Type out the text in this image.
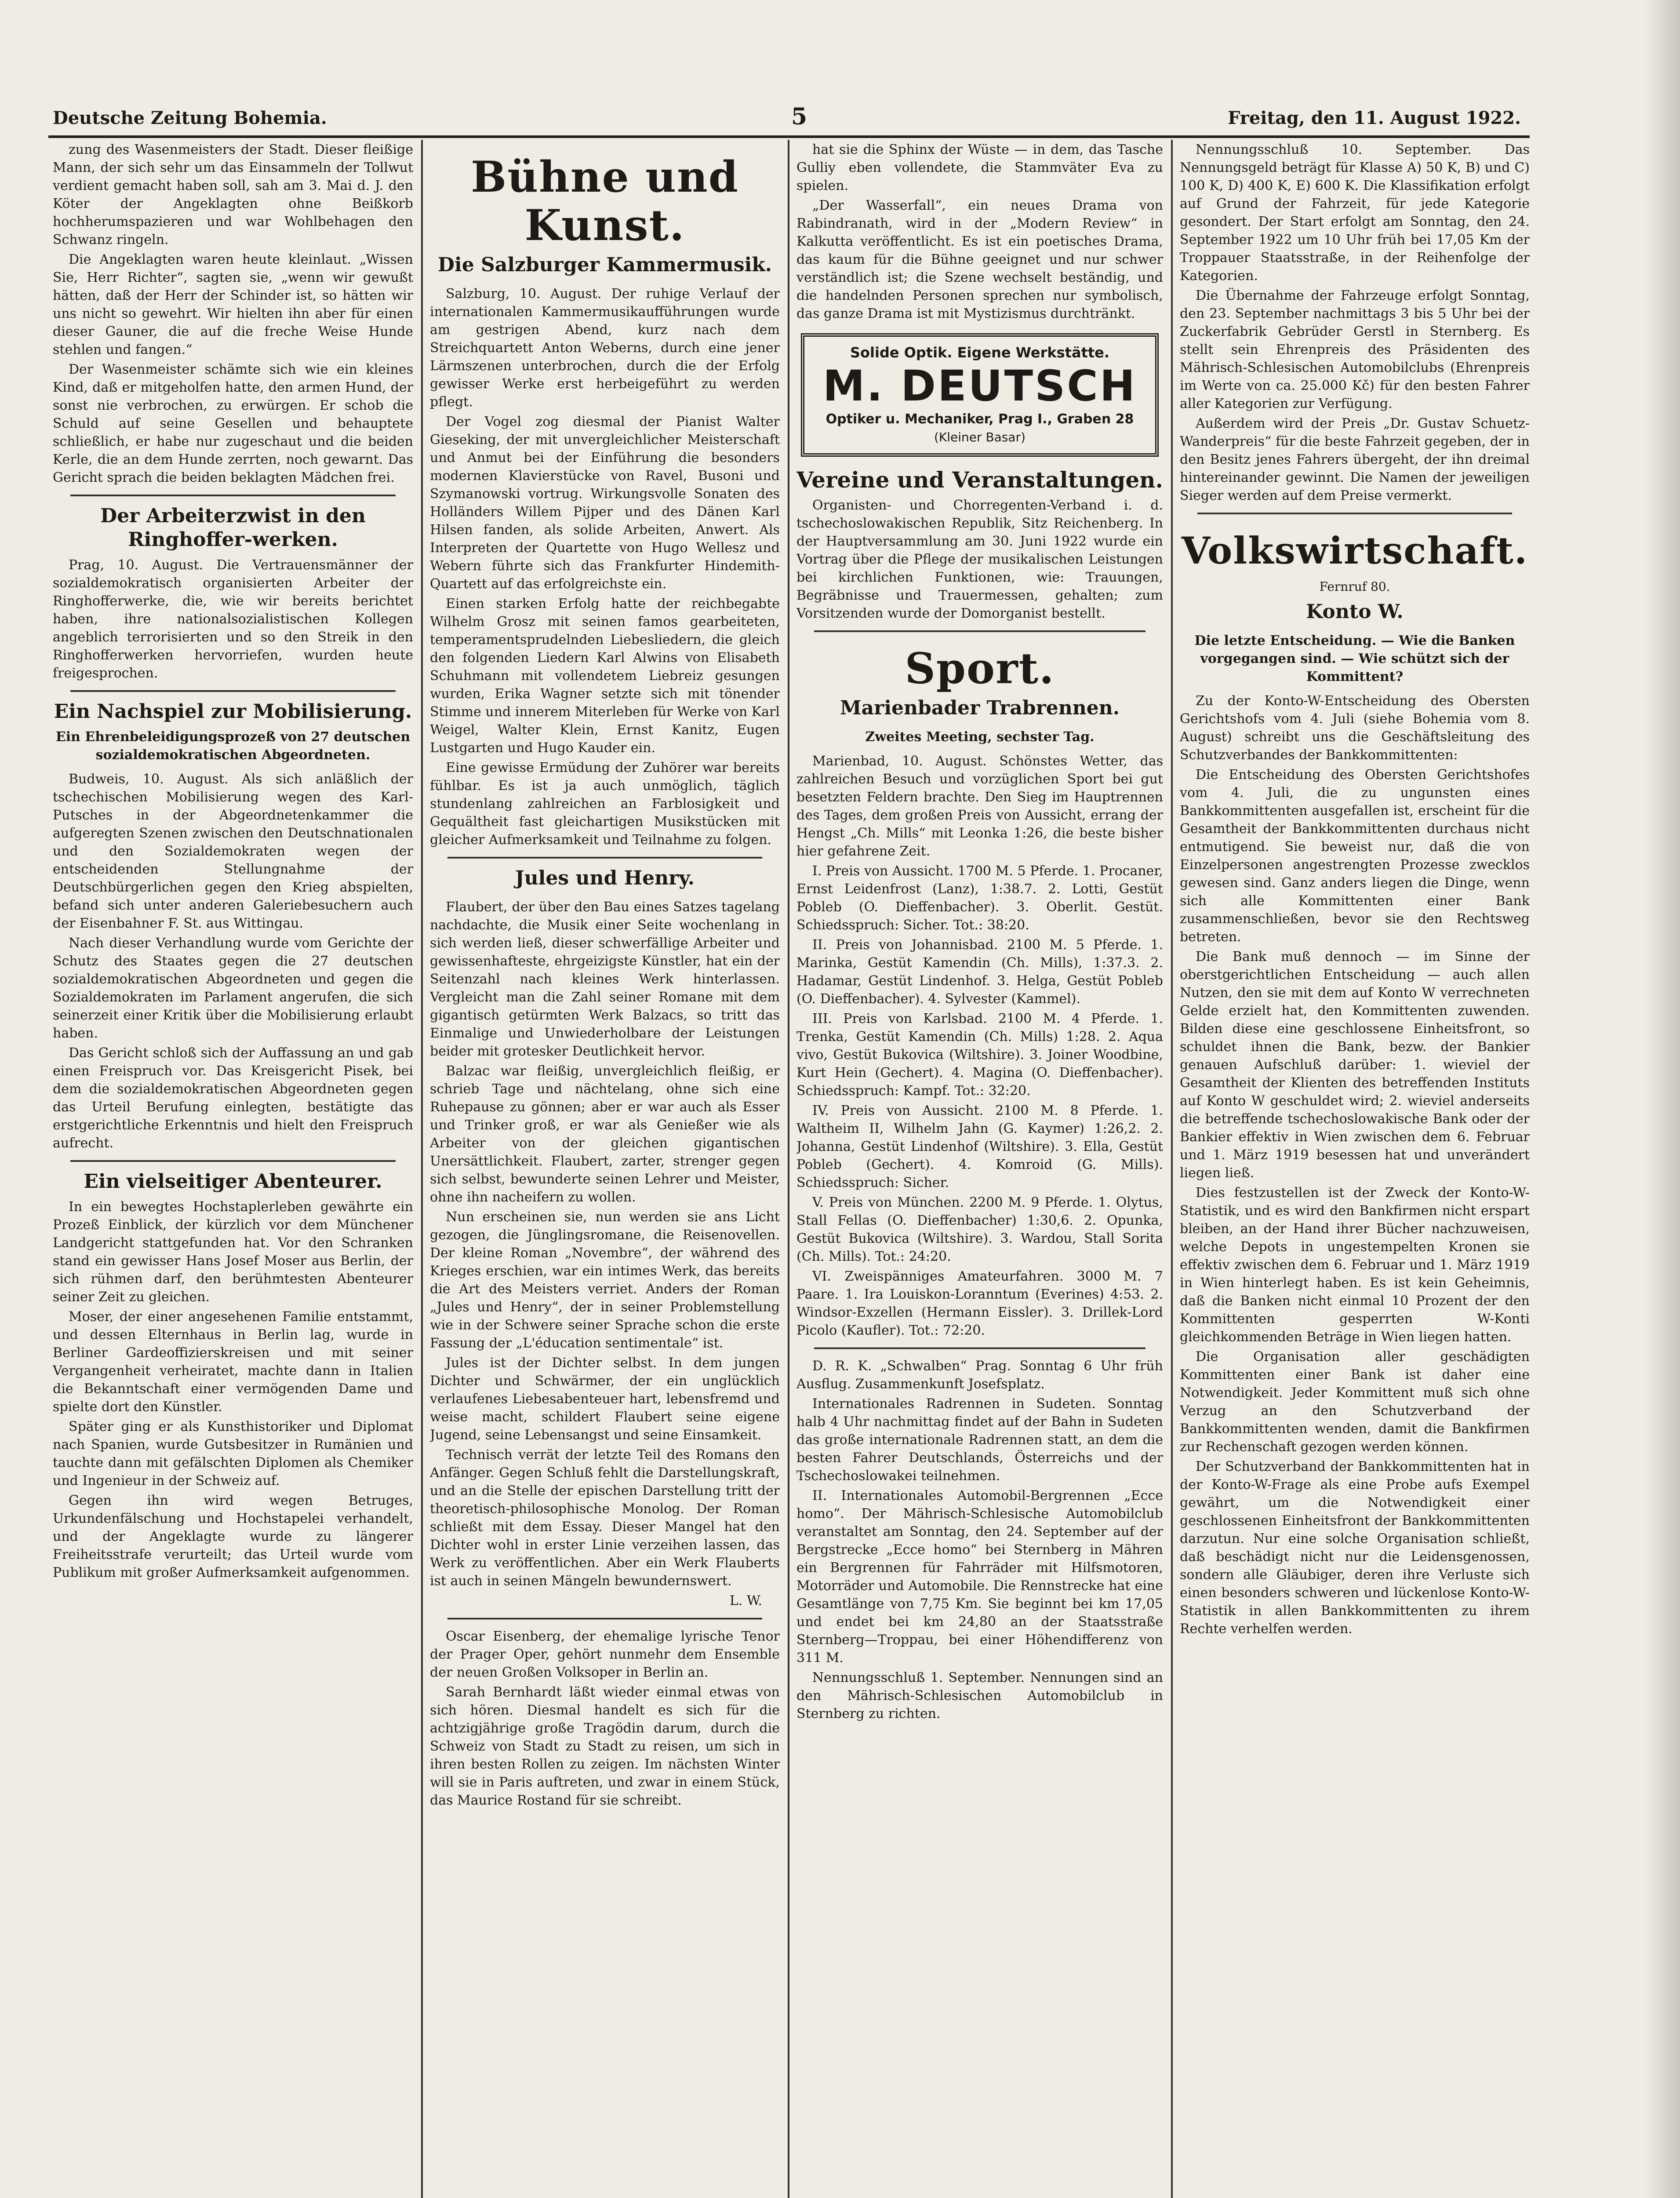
Deutsche Zeitung Bohemia.	5	Freitag, den 11. August 1922.

zung des Wasenmeisters der Stadt. Dieser fleißige Mann, der sich sehr um das Einsammeln der Tollwut verdient gemacht haben soll, sah am 3. Mai d. J. den Köter der Angeklagten ohne Beißkorb hochherumspazieren und war Wohlbehagen den Schwanz ringeln.

Die Angeklagten waren heute kleinlaut. „Wissen Sie, Herr Richter“, sagten sie, „wenn wir gewußt hätten, daß der Herr der Schinder ist, so hätten wir uns nicht so gewehrt. Wir hielten ihn aber für einen dieser Gauner, die auf die freche Weise Hunde stehlen und fangen.“

Der Wasenmeister schämte sich wie ein kleines Kind, daß er mitgeholfen hatte, den armen Hund, der sonst nie verbrochen, zu erwürgen. Er schob die Schuld auf seine Gesellen und behauptete schließlich, er habe nur zugeschaut und die beiden Kerle, die an dem Hunde zerrten, noch gewarnt. Das Gericht sprach die beiden beklagten Mädchen frei.

Der Arbeiterzwist in den Ringhoffer-werken.

Prag, 10. August. Die Vertrauensmänner der sozialdemokratisch organisierten Arbeiter der Ringhofferwerke, die, wie wir bereits berichtet haben, ihre nationalsozialistischen Kollegen angeblich terrorisierten und so den Streik in den Ringhofferwerken hervorriefen, wurden heute freigesprochen.

Ein Nachspiel zur Mobilisierung.
Ein Ehrenbeleidigungsprozeß von 27 deutschen sozialdemokratischen Abgeordneten.

Budweis, 10. August. Als sich anläßlich der tschechischen Mobilisierung wegen des Karl-Putsches in der Abgeordnetenkammer die aufgeregten Szenen zwischen den Deutschnationalen und den Sozialdemokraten wegen der entscheidenden Stellungnahme der Deutschbürgerlichen gegen den Krieg abspielten, befand sich unter anderen Galeriebesuchern auch der Eisenbahner F. St. aus Wittingau.

Nach dieser Verhandlung wurde vom Gerichte der Schutz des Staates gegen die 27 deutschen sozialdemokratischen Abgeordneten und gegen die Sozialdemokraten im Parlament angerufen, die sich seinerzeit einer Kritik über die Mobilisierung erlaubt haben.

Das Gericht schloß sich der Auffassung an und gab einen Freispruch vor. Das Kreisgericht Pisek, bei dem die sozialdemokratischen Abgeordneten gegen das Urteil Berufung einlegten, bestätigte das erstgerichtliche Erkenntnis und hielt den Freispruch aufrecht.

Ein vielseitiger Abenteurer.

In ein bewegtes Hochstaplerleben gewährte ein Prozeß Einblick, der kürzlich vor dem Münchener Landgericht stattgefunden hat. Vor den Schranken stand ein gewisser Hans Josef Moser aus Berlin, der sich rühmen darf, den berühmtesten Abenteurer seiner Zeit zu gleichen.

Moser, der einer angesehenen Familie entstammt, und dessen Elternhaus in Berlin lag, wurde in Berliner Gardeoffizierskreisen und mit seiner Vergangenheit verheiratet, machte dann in Italien die Bekanntschaft einer vermögenden Dame und spielte dort den Künstler.

Später ging er als Kunsthistoriker und Diplomat nach Spanien, wurde Gutsbesitzer in Rumänien und tauchte dann mit gefälschten Diplomen als Chemiker und Ingenieur in der Schweiz auf.

Gegen ihn wird wegen Betruges, Urkundenfälschung und Hochstapelei verhandelt, und der Angeklagte wurde zu längerer Freiheitsstrafe verurteilt; das Urteil wurde vom Publikum mit großer Aufmerksamkeit aufgenommen.

Bühne und Kunst.
Die Salzburger Kammermusik.

Salzburg, 10. August. Der ruhige Verlauf der internationalen Kammermusikaufführungen wurde am gestrigen Abend, kurz nach dem Streichquartett Anton Weberns, durch eine jener Lärmszenen unterbrochen, durch die der Erfolg gewisser Werke erst herbeigeführt zu werden pflegt.

Der Vogel zog diesmal der Pianist Walter Gieseking, der mit unvergleichlicher Meisterschaft und Anmut bei der Einführung die besonders modernen Klavierstücke von Ravel, Busoni und Szymanowski vortrug. Wirkungsvolle Sonaten des Holländers Willem Pijper und des Dänen Karl Hilsen fanden, als solide Arbeiten, Anwert. Als Interpreten der Quartette von Hugo Wellesz und Webern führte sich das Frankfurter Hindemith-Quartett auf das erfolgreichste ein.

Einen starken Erfolg hatte der reichbegabte Wilhelm Grosz mit seinen famos gearbeiteten, temperamentsprudelnden Liebesliedern, die gleich den folgenden Liedern Karl Alwins von Elisabeth Schuhmann mit vollendetem Liebreiz gesungen wurden, Erika Wagner setzte sich mit tönender Stimme und innerem Miterleben für Werke von Karl Weigel, Walter Klein, Ernst Kanitz, Eugen Lustgarten und Hugo Kauder ein.

Eine gewisse Ermüdung der Zuhörer war bereits fühlbar. Es ist ja auch unmöglich, täglich stundenlang zahlreichen an Farblosigkeit und Gequältheit fast gleichartigen Musikstücken mit gleicher Aufmerksamkeit und Teilnahme zu folgen.

Jules und Henry.

Flaubert, der über den Bau eines Satzes tagelang nachdachte, die Musik einer Seite wochenlang in sich werden ließ, dieser schwerfällige Arbeiter und gewissenhafteste, ehrgeizigste Künstler, hat ein der Seitenzahl nach kleines Werk hinterlassen. Vergleicht man die Zahl seiner Romane mit dem gigantisch getürmten Werk Balzacs, so tritt das Einmalige und Unwiederholbare der Leistungen beider mit grotesker Deutlichkeit hervor.

Balzac war fleißig, unvergleichlich fleißig, er schrieb Tage und nächtelang, ohne sich eine Ruhepause zu gönnen; aber er war auch als Esser und Trinker groß, er war als Genießer wie als Arbeiter von der gleichen gigantischen Unersättlichkeit. Flaubert, zarter, strenger gegen sich selbst, bewunderte seinen Lehrer und Meister, ohne ihn nacheifern zu wollen.

Nun erscheinen sie, nun werden sie ans Licht gezogen, die Jünglingsromane, die Reisenovellen. Der kleine Roman „Novembre“, der während des Krieges erschien, war ein intimes Werk, das bereits die Art des Meisters verriet. Anders der Roman „Jules und Henry“, der in seiner Problemstellung wie in der Schwere seiner Sprache schon die erste Fassung der „L'éducation sentimentale“ ist.

Jules ist der Dichter selbst. In dem jungen Dichter und Schwärmer, der ein unglücklich verlaufenes Liebesabenteuer hart, lebensfremd und weise macht, schildert Flaubert seine eigene Jugend, seine Lebensangst und seine Einsamkeit.

Technisch verrät der letzte Teil des Romans den Anfänger. Gegen Schluß fehlt die Darstellungskraft, und an die Stelle der epischen Darstellung tritt der theoretisch-philosophische Monolog. Der Roman schließt mit dem Essay. Dieser Mangel hat den Dichter wohl in erster Linie verzeihen lassen, das Werk zu veröffentlichen. Aber ein Werk Flauberts ist auch in seinen Mängeln bewundernswert.

L. W.

Oscar Eisenberg, der ehemalige lyrische Tenor der Prager Oper, gehört nunmehr dem Ensemble der neuen Großen Volksoper in Berlin an.

Sarah Bernhardt läßt wieder einmal etwas von sich hören. Diesmal handelt es sich für die achtzigjährige große Tragödin darum, durch die Schweiz von Stadt zu Stadt zu reisen, um sich in ihren besten Rollen zu zeigen. Im nächsten Winter will sie in Paris auftreten, und zwar in einem Stück, das Maurice Rostand für sie schreibt.

hat sie die Sphinx der Wüste — in dem, das Tasche Gulliy eben vollendete, die Stammväter Eva zu spielen.

„Der Wasserfall“, ein neues Drama von Rabindranath, wird in der „Modern Review“ in Kalkutta veröffentlicht. Es ist ein poetisches Drama, das kaum für die Bühne geeignet und nur schwer verständlich ist; die Szene wechselt beständig, und die handelnden Personen sprechen nur symbolisch, das ganze Drama ist mit Mystizismus durchtränkt.

Solide Optik. Eigene Werkstätte.
M. DEUTSCH
Optiker u. Mechaniker, Prag I., Graben 28
(Kleiner Basar)
Vereine und Veranstaltungen.

Organisten- und Chorregenten-Verband i. d. tschechoslowakischen Republik, Sitz Reichenberg. In der Hauptversammlung am 30. Juni 1922 wurde ein Vortrag über die Pflege der musikalischen Leistungen bei kirchlichen Funktionen, wie: Trauungen, Begräbnisse und Trauermessen, gehalten; zum Vorsitzenden wurde der Domorganist bestellt.

Sport.
Marienbader Trabrennen.
Zweites Meeting, sechster Tag.

Marienbad, 10. August. Schönstes Wetter, das zahlreichen Besuch und vorzüglichen Sport bei gut besetzten Feldern brachte. Den Sieg im Hauptrennen des Tages, dem großen Preis von Aussicht, errang der Hengst „Ch. Mills“ mit Leonka 1:26, die beste bisher hier gefahrene Zeit.

I. Preis von Aussicht. 1700 M. 5 Pferde. 1. Procaner, Ernst Leidenfrost (Lanz), 1:38.7. 2. Lotti, Gestüt Pobleb (O. Dieffenbacher). 3. Oberlit. Gestüt. Schiedsspruch: Sicher. Tot.: 38:20.

II. Preis von Johannisbad. 2100 M. 5 Pferde. 1. Marinka, Gestüt Kamendin (Ch. Mills), 1:37.3. 2. Hadamar, Gestüt Lindenhof. 3. Helga, Gestüt Pobleb (O. Dieffenbacher). 4. Sylvester (Kammel).

III. Preis von Karlsbad. 2100 M. 4 Pferde. 1. Trenka, Gestüt Kamendin (Ch. Mills) 1:28. 2. Aqua vivo, Gestüt Bukovica (Wiltshire). 3. Joiner Woodbine, Kurt Hein (Gechert). 4. Magina (O. Dieffenbacher). Schiedsspruch: Kampf. Tot.: 32:20.

IV. Preis von Aussicht. 2100 M. 8 Pferde. 1. Waltheim II, Wilhelm Jahn (G. Kaymer) 1:26,2. 2. Johanna, Gestüt Lindenhof (Wiltshire). 3. Ella, Gestüt Pobleb (Gechert). 4. Komroid (G. Mills). Schiedsspruch: Sicher.

V. Preis von München. 2200 M. 9 Pferde. 1. Olytus, Stall Fellas (O. Dieffenbacher) 1:30,6. 2. Opunka, Gestüt Bukovica (Wiltshire). 3. Wardou, Stall Sorita (Ch. Mills). Tot.: 24:20.

VI. Zweispänniges Amateurfahren. 3000 M. 7 Paare. 1. Ira Louiskon-Loranntum (Everines) 4:53. 2. Windsor-Exzellen (Hermann Eissler). 3. Drillek-Lord Picolo (Kaufler). Tot.: 72:20.

D. R. K. „Schwalben“ Prag. Sonntag 6 Uhr früh Ausflug. Zusammenkunft Josefsplatz.

Internationales Radrennen in Sudeten. Sonntag halb 4 Uhr nachmittag findet auf der Bahn in Sudeten das große internationale Radrennen statt, an dem die besten Fahrer Deutschlands, Österreichs und der Tschechoslowakei teilnehmen.

II. Internationales Automobil-Bergrennen „Ecce homo“. Der Mährisch-Schlesische Automobilclub veranstaltet am Sonntag, den 24. September auf der Bergstrecke „Ecce homo“ bei Sternberg in Mähren ein Bergrennen für Fahrräder mit Hilfsmotoren, Motorräder und Automobile. Die Rennstrecke hat eine Gesamtlänge von 7,75 Km. Sie beginnt bei km 17,05 und endet bei km 24,80 an der Staatsstraße Sternberg—Troppau, bei einer Höhendifferenz von 311 M.

Nennungsschluß 1. September. Nennungen sind an den Mährisch-Schlesischen Automobilclub in Sternberg zu richten.

Nennungsschluß 10. September. Das Nennungsgeld beträgt für Klasse A) 50 K, B) und C) 100 K, D) 400 K, E) 600 K. Die Klassifikation erfolgt auf Grund der Fahrzeit, für jede Kategorie gesondert. Der Start erfolgt am Sonntag, den 24. September 1922 um 10 Uhr früh bei 17,05 Km der Troppauer Staatsstraße, in der Reihenfolge der Kategorien.

Die Übernahme der Fahrzeuge erfolgt Sonntag, den 23. September nachmittags 3 bis 5 Uhr bei der Zuckerfabrik Gebrüder Gerstl in Sternberg. Es stellt sein Ehrenpreis des Präsidenten des Mährisch-Schlesischen Automobilclubs (Ehrenpreis im Werte von ca. 25.000 Kč) für den besten Fahrer aller Kategorien zur Verfügung.

Außerdem wird der Preis „Dr. Gustav Schuetz-Wanderpreis“ für die beste Fahrzeit gegeben, der in den Besitz jenes Fahrers übergeht, der ihn dreimal hintereinander gewinnt. Die Namen der jeweiligen Sieger werden auf dem Preise vermerkt.

Volkswirtschaft.
Fernruf 80.
Konto W.
Die letzte Entscheidung. — Wie die Banken vorgegangen sind. — Wie schützt sich der Kommittent?

Zu der Konto-W-Entscheidung des Obersten Gerichtshofs vom 4. Juli (siehe Bohemia vom 8. August) schreibt uns die Geschäftsleitung des Schutzverbandes der Bankkommittenten:

Die Entscheidung des Obersten Gerichtshofes vom 4. Juli, die zu ungunsten eines Bankkommittenten ausgefallen ist, erscheint für die Gesamtheit der Bankkommittenten durchaus nicht entmutigend. Sie beweist nur, daß die von Einzelpersonen angestrengten Prozesse zwecklos gewesen sind. Ganz anders liegen die Dinge, wenn sich alle Kommittenten einer Bank zusammenschließen, bevor sie den Rechtsweg betreten.

Die Bank muß dennoch — im Sinne der oberstgerichtlichen Entscheidung — auch allen Nutzen, den sie mit dem auf Konto W verrechneten Gelde erzielt hat, den Kommittenten zuwenden. Bilden diese eine geschlossene Einheitsfront, so schuldet ihnen die Bank, bezw. der Bankier genauen Aufschluß darüber: 1. wieviel der Gesamtheit der Klienten des betreffenden Instituts auf Konto W geschuldet wird; 2. wieviel anderseits die betreffende tschechoslowakische Bank oder der Bankier effektiv in Wien zwischen dem 6. Februar und 1. März 1919 besessen hat und unverändert liegen ließ.

Dies festzustellen ist der Zweck der Konto-W-Statistik, und es wird den Bankfirmen nicht erspart bleiben, an der Hand ihrer Bücher nachzuweisen, welche Depots in ungestempelten Kronen sie effektiv zwischen dem 6. Februar und 1. März 1919 in Wien hinterlegt haben. Es ist kein Geheimnis, daß die Banken nicht einmal 10 Prozent der den Kommittenten gesperrten W-Konti gleichkommenden Beträge in Wien liegen hatten.

Die Organisation aller geschädigten Kommittenten einer Bank ist daher eine Notwendigkeit. Jeder Kommittent muß sich ohne Verzug an den Schutzverband der Bankkommittenten wenden, damit die Bankfirmen zur Rechenschaft gezogen werden können.

Der Schutzverband der Bankkommittenten hat in der Konto-W-Frage als eine Probe aufs Exempel gewährt, um die Notwendigkeit einer geschlossenen Einheitsfront der Bankkommittenten darzutun. Nur eine solche Organisation schließt, daß beschädigt nicht nur die Leidensgenossen, sondern alle Gläubiger, deren ihre Verluste sich einen besonders schweren und lückenlose Konto-W-Statistik in allen Bankkommittenten zu ihrem Rechte verhelfen werden.
